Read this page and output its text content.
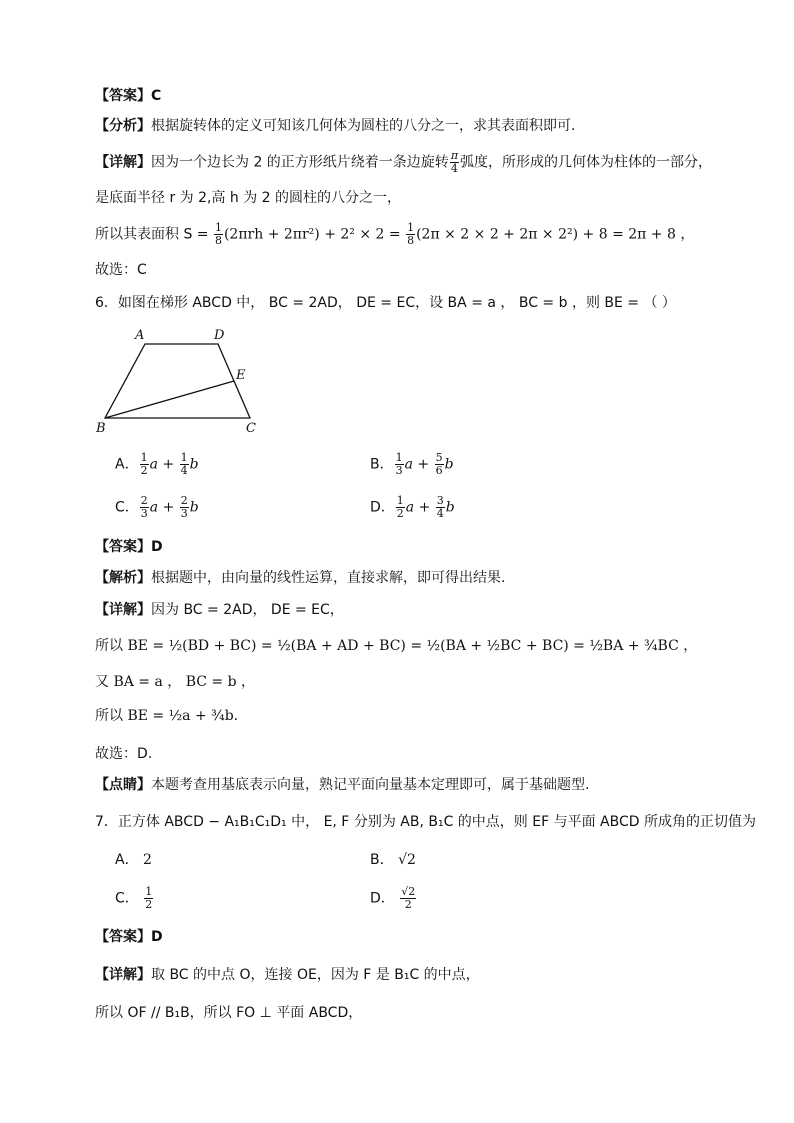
【答案】C
【分析】根据旋转体的定义可知该几何体为圆柱的八分之一，求其表面积即可.
【详解】因为一个边长为 2 的正方形纸片绕着一条边旋转 $\frac{\pi}{4}$ 弧度，所形成的几何体为柱体的一部分，
是底面半径 r 为 2,高 h 为 2 的圆柱的八分之一，
所以其表面积 $S = \frac{1}{8} (2\pi rh + 2\pi r^2) + 2^2 \times 2 = \frac{1}{8} (2\pi \times 2 \times 2 + 2\pi \times 2^2) + 8 = 2\pi + 8$ ，
故选：C
6．如图在梯形 ABCD 中， BC = 2AD， DE = EC，设 BA = a ， BC = b ，则 BE = （ ）
A	D
E
B	C
A． $\frac{1}{2}$ $a + \frac{1}{4}$ b	B． $\frac{1}{3}$ $a + \frac{5}{6}$ b
C． $\frac{2}{3}$ $a + \frac{2}{3}$ b	D． $\frac{1}{2}$ $a + \frac{3}{4}$ b
【答案】D
【解析】根据题中，由向量的线性运算，直接求解，即可得出结果.
【详解】因为 BC = 2AD， DE = EC，
所以 BE = ½(BD + BC) = ½(BA + AD + BC) = ½(BA + ½BC + BC) = ½BA + ¾BC ，
又 BA = a ， BC = b ，
所以 BE = ½a + ¾b.
故选：D.
【点睛】本题考查用基底表示向量，熟记平面向量基本定理即可，属于基础题型.
7．正方体 ABCD − A₁B₁C₁D₁ 中， E, F 分别为 AB, B₁C 的中点，则 EF 与平面 ABCD 所成角的正切值为
A． 2	B． √2
C． $\frac{1}{2}$	D． $\frac{√2}{2}$
【答案】D
【详解】取 BC 的中点 O，连接 OE，因为 F 是 B₁C 的中点，
所以 OF // B₁B，所以 FO ⊥ 平面 ABCD，
